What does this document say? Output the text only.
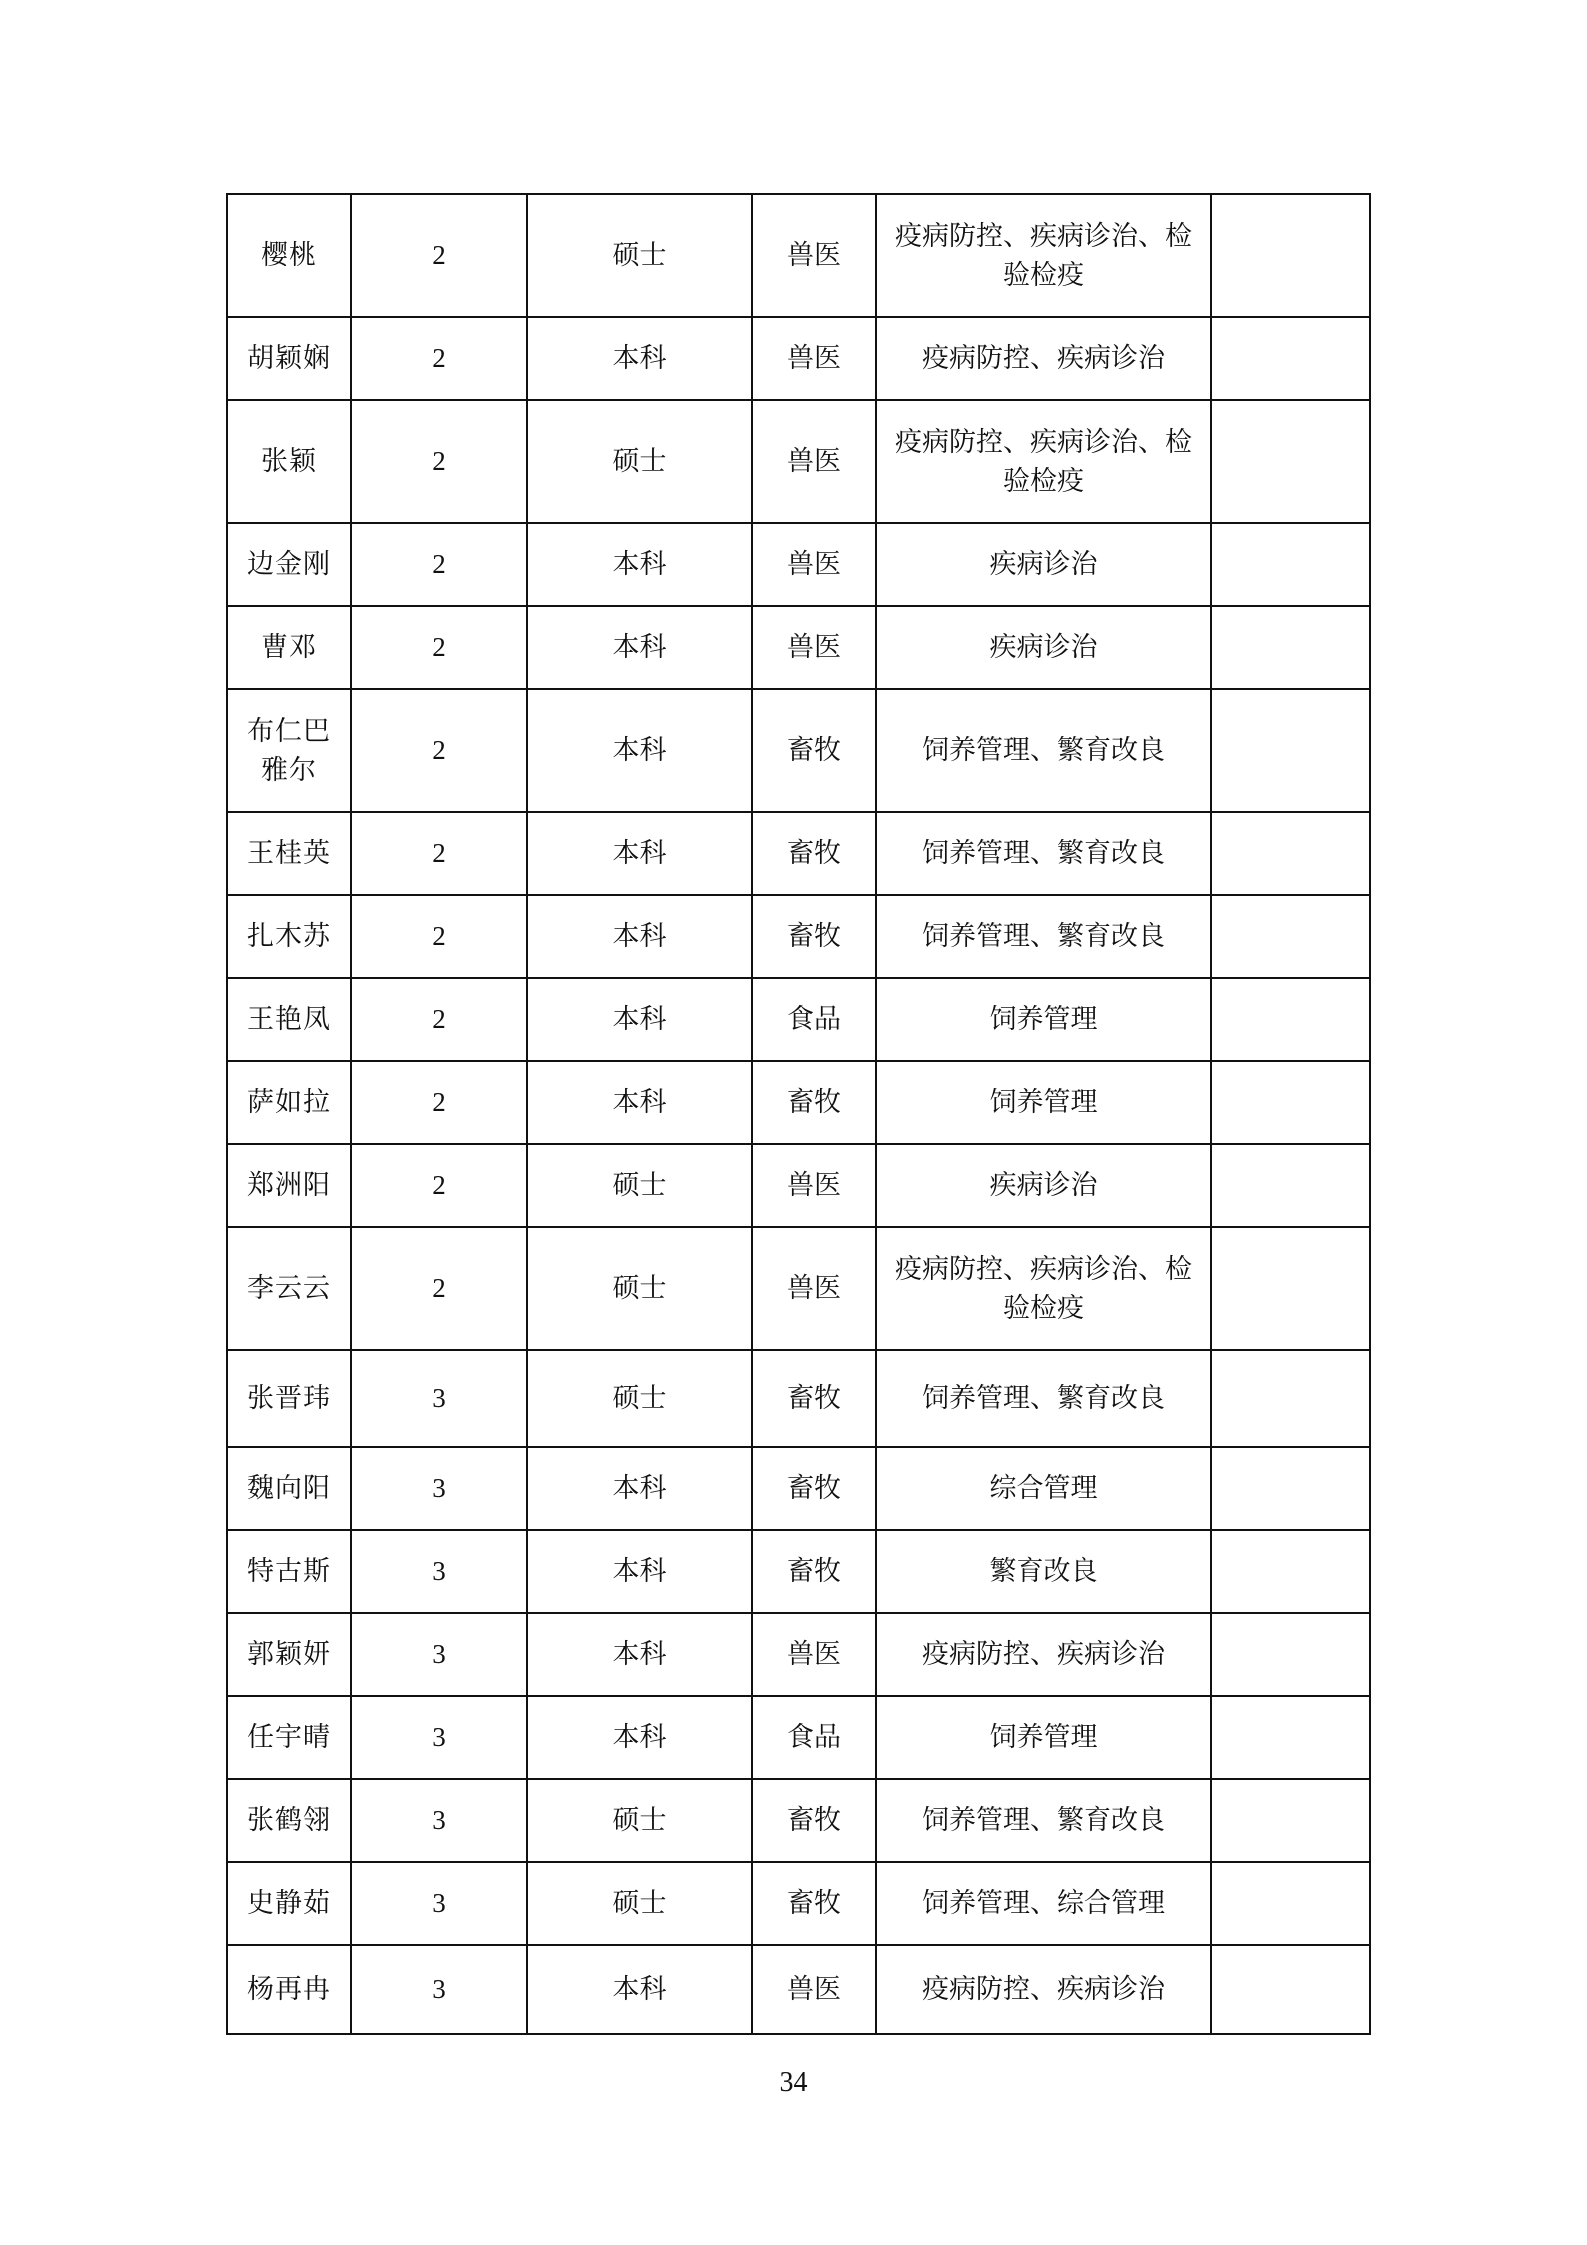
樱桃	2	硕士	兽医	疫病防控、疾病诊治、检验检疫	
胡颖娴	2	本科	兽医	疫病防控、疾病诊治	
张颖	2	硕士	兽医	疫病防控、疾病诊治、检验检疫	
边金刚	2	本科	兽医	疾病诊治	
曹邓	2	本科	兽医	疾病诊治	
布仁巴雅尔	2	本科	畜牧	饲养管理、繁育改良	
王桂英	2	本科	畜牧	饲养管理、繁育改良	
扎木苏	2	本科	畜牧	饲养管理、繁育改良	
王艳凤	2	本科	食品	饲养管理	
萨如拉	2	本科	畜牧	饲养管理	
郑洲阳	2	硕士	兽医	疾病诊治	
李云云	2	硕士	兽医	疫病防控、疾病诊治、检验检疫	
张晋玮	3	硕士	畜牧	饲养管理、繁育改良	
魏向阳	3	本科	畜牧	综合管理	
特古斯	3	本科	畜牧	繁育改良	
郭颖妍	3	本科	兽医	疫病防控、疾病诊治	
任宇晴	3	本科	食品	饲养管理	
张鹤翎	3	硕士	畜牧	饲养管理、繁育改良	
史静茹	3	硕士	畜牧	饲养管理、综合管理	
杨再冉	3	本科	兽医	疫病防控、疾病诊治	
34
